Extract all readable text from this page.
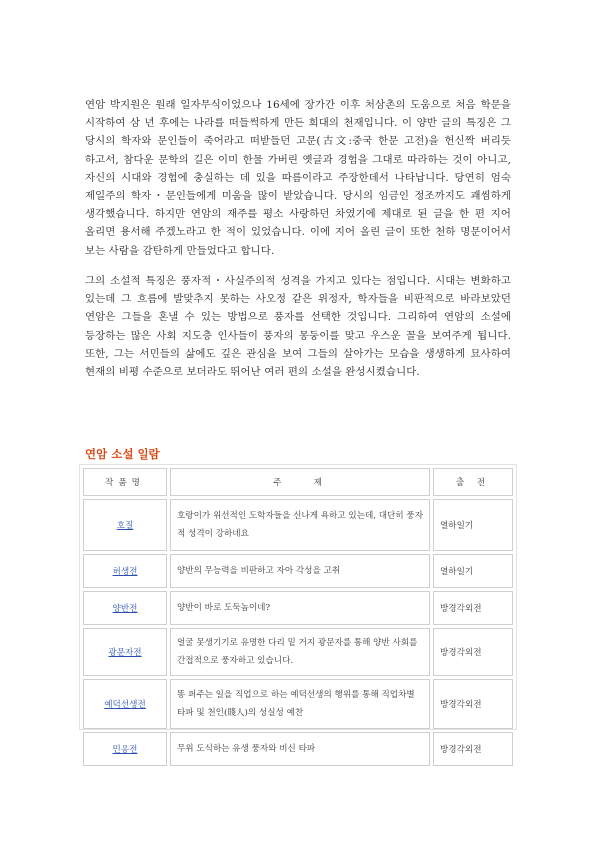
연암 박지원은 원래 일자무식이었으나 16세에 장가간 이후 처삼촌의 도움으로 처음 학문을 시작하여 삼 년 후에는 나라를 떠들썩하게 만든 희대의 천재입니다. 이 양반 글의 특징은 그 당시의 학자와 문인들이 죽어라고 떠받들던 고문(古文:중국 한문 고전)을 헌신짝 버리듯 하고서, 참다운 문학의 길은 이미 한물 가버린 옛글과 경험을 그대로 따라하는 것이 아니고, 자신의 시대와 경험에 충실하는 데 있을 따름이라고 주장한데서 나타납니다. 당연히 엄숙 제일주의 학자・문인들에게 미움을 많이 받았습니다. 당시의 임금인 정조까지도 괘씸하게 생각했습니다. 하지만 연암의 재주를 평소 사랑하던 차였기에 제대로 된 글을 한 편 지어 올리면 용서해 주겠노라고 한 적이 있었습니다. 이에 지어 올린 글이 또한 천하 명문이어서 보는 사람을 감탄하게 만들었다고 합니다.
그의 소설적 특징은 풍자적・사실주의적 성격을 가지고 있다는 점입니다. 시대는 변화하고 있는데 그 흐름에 발맞추지 못하는 사오정 같은 위정자, 학자들을 비판적으로 바라보았던 연암은 그들을 혼낼 수 있는 방법으로 풍자를 선택한 것입니다. 그리하여 연암의 소설에 등장하는 많은 사회 지도층 인사들이 풍자의 몽둥이를 맞고 우스운 꼴을 보여주게 됩니다. 또한, 그는 서민들의 삶에도 깊은 관심을 보여 그들의 살아가는 모습을 생생하게 묘사하여 현재의 비평 수준으로 보더라도 뛰어난 여러 편의 소설을 완성시켰습니다.
연암 소설 일람
작품명	주　　제	출 전
호질	호랑이가 위선적인 도학자들을 신나게 욕하고 있는데, 대단히 풍자적 성격이 강하네요	열하일기
허생전	양반의 무능력을 비판하고 자아 각성을 고취	열하일기
양반전	양반이 바로 도둑놈이네?	방경각외전
광문자전	얼굴 못생기기로 유명한 다리 밑 거지 광문자를 통해 양반 사회를 간접적으로 풍자하고 있습니다.	방경각외전
예덕선생전	똥 퍼주는 일을 직업으로 하는 예덕선생의 행위를 통해 직업차별 타파 및 천인(賤人)의 성실성 예찬	방경각외전
민옹전	무위 도식하는 유생 풍자와 비신 타파	방경각외전
